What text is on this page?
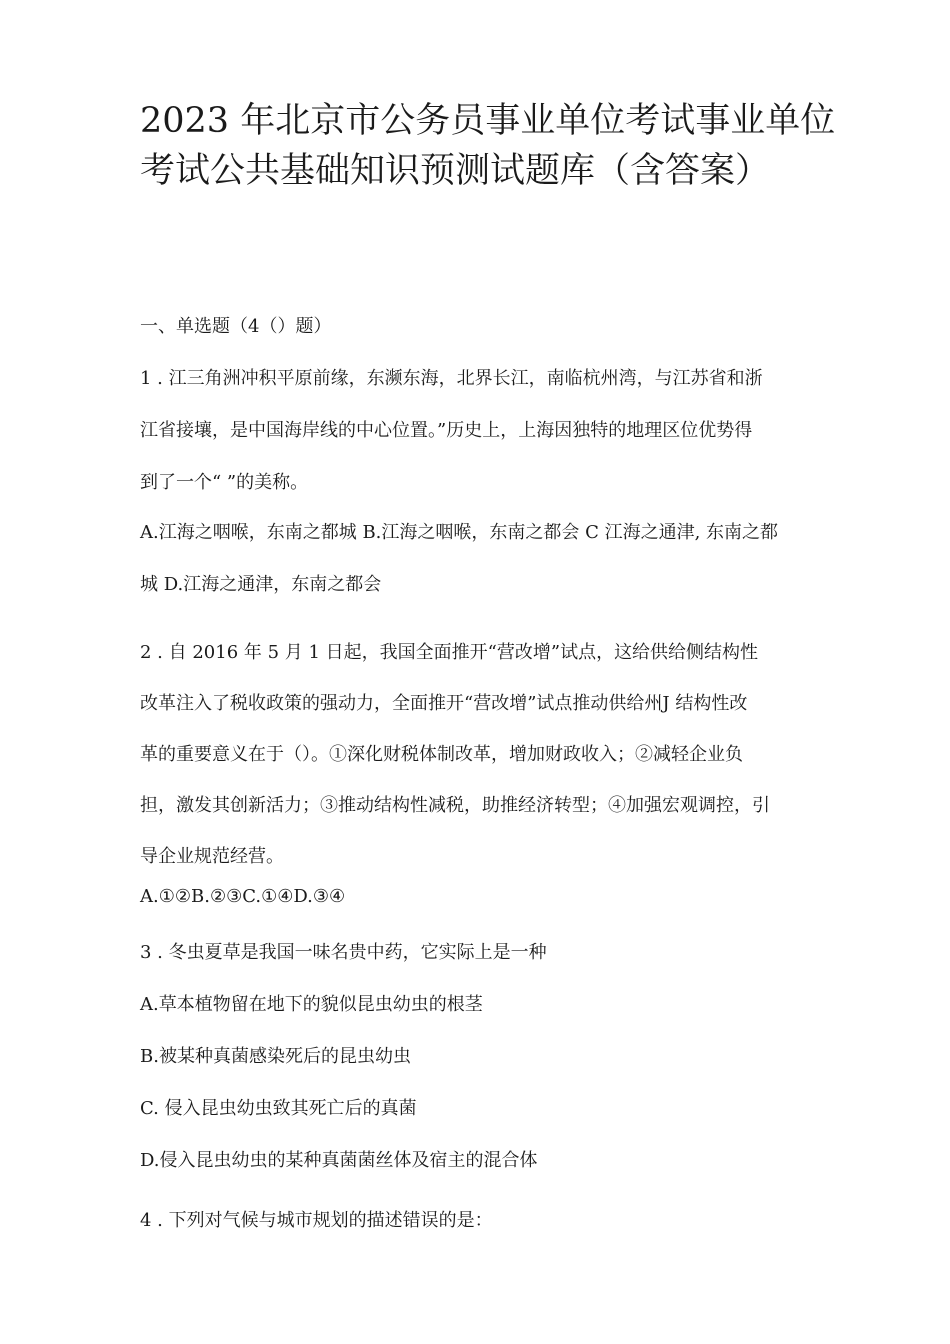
2023 年北京市公务员事业单位考试事业单位
考试公共基础知识预测试题库（含答案）
一、单选题（4（）题）
1 . 江三角洲冲积平原前缘，东濒东海，北界长江，南临杭州湾，与江苏省和浙
江省接壤，是中国海岸线的中心位置。”历史上，上海因独特的地理区位优势得
到了一个“ ”的美称。
A.江海之咽喉，东南之都城 B.江海之咽喉，东南之都会 C 江海之通津, 东南之都
城 D.江海之通津，东南之都会
2 . 自 2016 年 5 月 1 日起，我国全面推开“营改增”试点，这给供给侧结构性
改革注入了税收政策的强动力，全面推开“营改增”试点推动供给州J 结构性改
革的重要意义在于（）。①深化财税体制改革，增加财政收入；②减轻企业负
担，激发其创新活力；③推动结构性减税，助推经济转型；④加强宏观调控，引
导企业规范经营。
A.①②B.②③C.①④D.③④
3 . 冬虫夏草是我国一味名贵中药，它实际上是一种
A.草本植物留在地下的貌似昆虫幼虫的根茎
B.被某种真菌感染死后的昆虫幼虫
C. 侵入昆虫幼虫致其死亡后的真菌
D.侵入昆虫幼虫的某种真菌菌丝体及宿主的混合体
4 . 下列对气候与城市规划的描述错误的是：
